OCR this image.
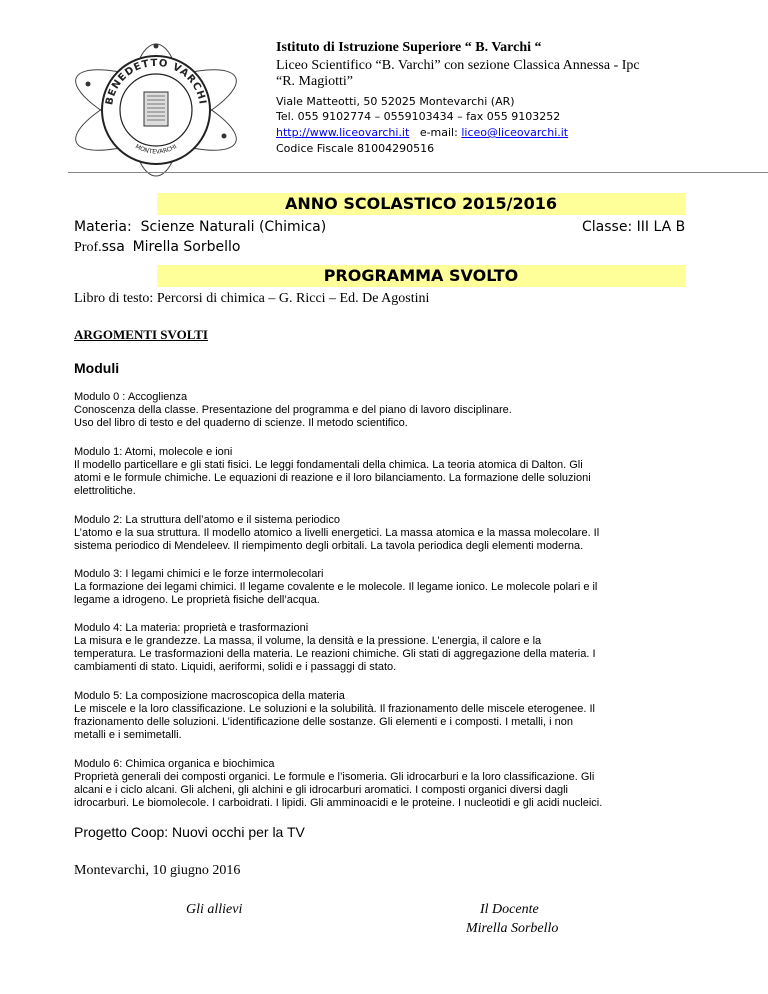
BENEDETTO VARCHI
MONTEVARCHI
Istituto di Istruzione Superiore “ B. Varchi “
Liceo Scientifico “B. Varchi” con sezione Classica Annessa - Ipc
“R. Magiotti”
Viale Matteotti, 50 52025 Montevarchi (AR)
Tel. 055 9102774 – 0559103434 – fax 055 9103252
http://www.liceovarchi.it e-mail: liceo@liceovarchi.it
Codice Fiscale 81004290516
ANNO SCOLASTICO 2015/2016
Materia: Scienze Naturali (Chimica)	Classe: III LA B
Prof.ssa Mirella Sorbello
PROGRAMMA SVOLTO
Libro di testo: Percorsi di chimica – G. Ricci – Ed. De Agostini
ARGOMENTI SVOLTI
Moduli

Modulo 0 : Accoglienza

Conoscenza della classe. Presentazione del programma e del piano di lavoro disciplinare.

Uso del libro di testo e del quaderno di scienze. Il metodo scientifico.

Modulo 1: Atomi, molecole e ioni

Il modello particellare e gli stati fisici. Le leggi fondamentali della chimica. La teoria atomica di Dalton. Gli

atomi e le formule chimiche. Le equazioni di reazione e il loro bilanciamento. La formazione delle soluzioni

elettrolitiche.

Modulo 2: La struttura dell’atomo e il sistema periodico

L’atomo e la sua struttura. Il modello atomico a livelli energetici. La massa atomica e la massa molecolare. Il

sistema periodico di Mendeleev. Il riempimento degli orbitali. La tavola periodica degli elementi moderna.

Modulo 3: I legami chimici e le forze intermolecolari

La formazione dei legami chimici. Il legame covalente e le molecole. Il legame ionico. Le molecole polari e il

legame a idrogeno. Le proprietà fisiche dell’acqua.

Modulo 4: La materia: proprietà e trasformazioni

La misura e le grandezze. La massa, il volume, la densità e la pressione. L’energia, il calore e la

temperatura. Le trasformazioni della materia. Le reazioni chimiche. Gli stati di aggregazione della materia. I

cambiamenti di stato. Liquidi, aeriformi, solidi e i passaggi di stato.

Modulo 5: La composizione macroscopica della materia

Le miscele e la loro classificazione. Le soluzioni e la solubilità. Il frazionamento delle miscele eterogenee. Il

frazionamento delle soluzioni. L’identificazione delle sostanze. Gli elementi e i composti. I metalli, i non

metalli e i semimetalli.

Modulo 6: Chimica organica e biochimica

Proprietà generali dei composti organici. Le formule e l’isomeria. Gli idrocarburi e la loro classificazione. Gli

alcani e i ciclo alcani. Gli alcheni, gli alchini e gli idrocarburi aromatici. I composti organici diversi dagli

idrocarburi. Le biomolecole. I carboidrati. I lipidi. Gli amminoacidi e le proteine. I nucleotidi e gli acidi nucleici.

Progetto Coop: Nuovi occhi per la TV
Montevarchi, 10 giugno 2016
Gli allievi	Il Docente
Mirella Sorbello
